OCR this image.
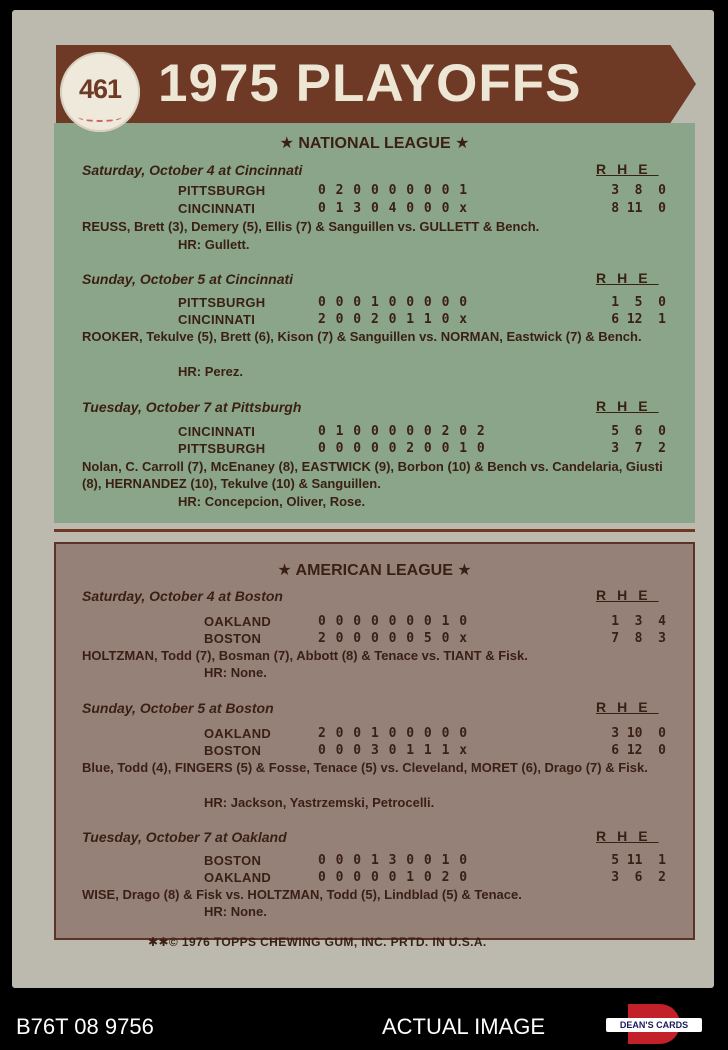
1975 PLAYOFFS
461
★ NATIONAL LEAGUE ★
Saturday, October 4 at Cincinnati	RHE
PITTSBURGH	0 2 0 0 0 0 0 0 1	3  8  0
CINCINNATI	0 1 3 0 4 0 0 0 x	8 11  0
REUSS, Brett (3), Demery (5), Ellis (7) & Sanguillen vs. GULLETT & Bench.
HR: Gullett.
Sunday, October 5 at Cincinnati	RHE
PITTSBURGH	0 0 0 1 0 0 0 0 0	1  5  0
CINCINNATI	2 0 0 2 0 1 1 0 x	6 12  1
ROOKER, Tekulve (5), Brett (6), Kison (7) & Sanguillen vs. NORMAN, Eastwick (7) & Bench.
HR: Perez.
Tuesday, October 7 at Pittsburgh	RHE
CINCINNATI	0 1 0 0 0 0 0 2 0 2	5  6  0
PITTSBURGH	0 0 0 0 0 2 0 0 1 0	3  7  2
Nolan, C. Carroll (7), McEnaney (8), EASTWICK (9), Borbon (10) & Bench vs. Candelaria, Giusti (8), HERNANDEZ (10), Tekulve (10) & Sanguillen.
HR: Concepcion, Oliver, Rose.
★ AMERICAN LEAGUE ★
Saturday, October 4 at Boston	RHE
OAKLAND	0 0 0 0 0 0 0 1 0	1  3  4
BOSTON	2 0 0 0 0 0 5 0 x	7  8  3
HOLTZMAN, Todd (7), Bosman (7), Abbott (8) & Tenace vs. TIANT & Fisk.
HR: None.
Sunday, October 5 at Boston	RHE
OAKLAND	2 0 0 1 0 0 0 0 0	3 10  0
BOSTON	0 0 0 3 0 1 1 1 x	6 12  0
Blue, Todd (4), FINGERS (5) & Fosse, Tenace (5) vs. Cleveland, MORET (6), Drago (7) & Fisk.
HR: Jackson, Yastrzemski, Petrocelli.
Tuesday, October 7 at Oakland	RHE
BOSTON	0 0 0 1 3 0 0 1 0	5 11  1
OAKLAND	0 0 0 0 0 1 0 2 0	3  6  2
WISE, Drago (8) & Fisk vs. HOLTZMAN, Todd (5), Lindblad (5) & Tenace.
HR: None.
✱✱© 1976 TOPPS CHEWING GUM, INC. PRTD. IN U.S.A.
B76T 08 9756	ACTUAL IMAGE	DEAN'S CARDS
